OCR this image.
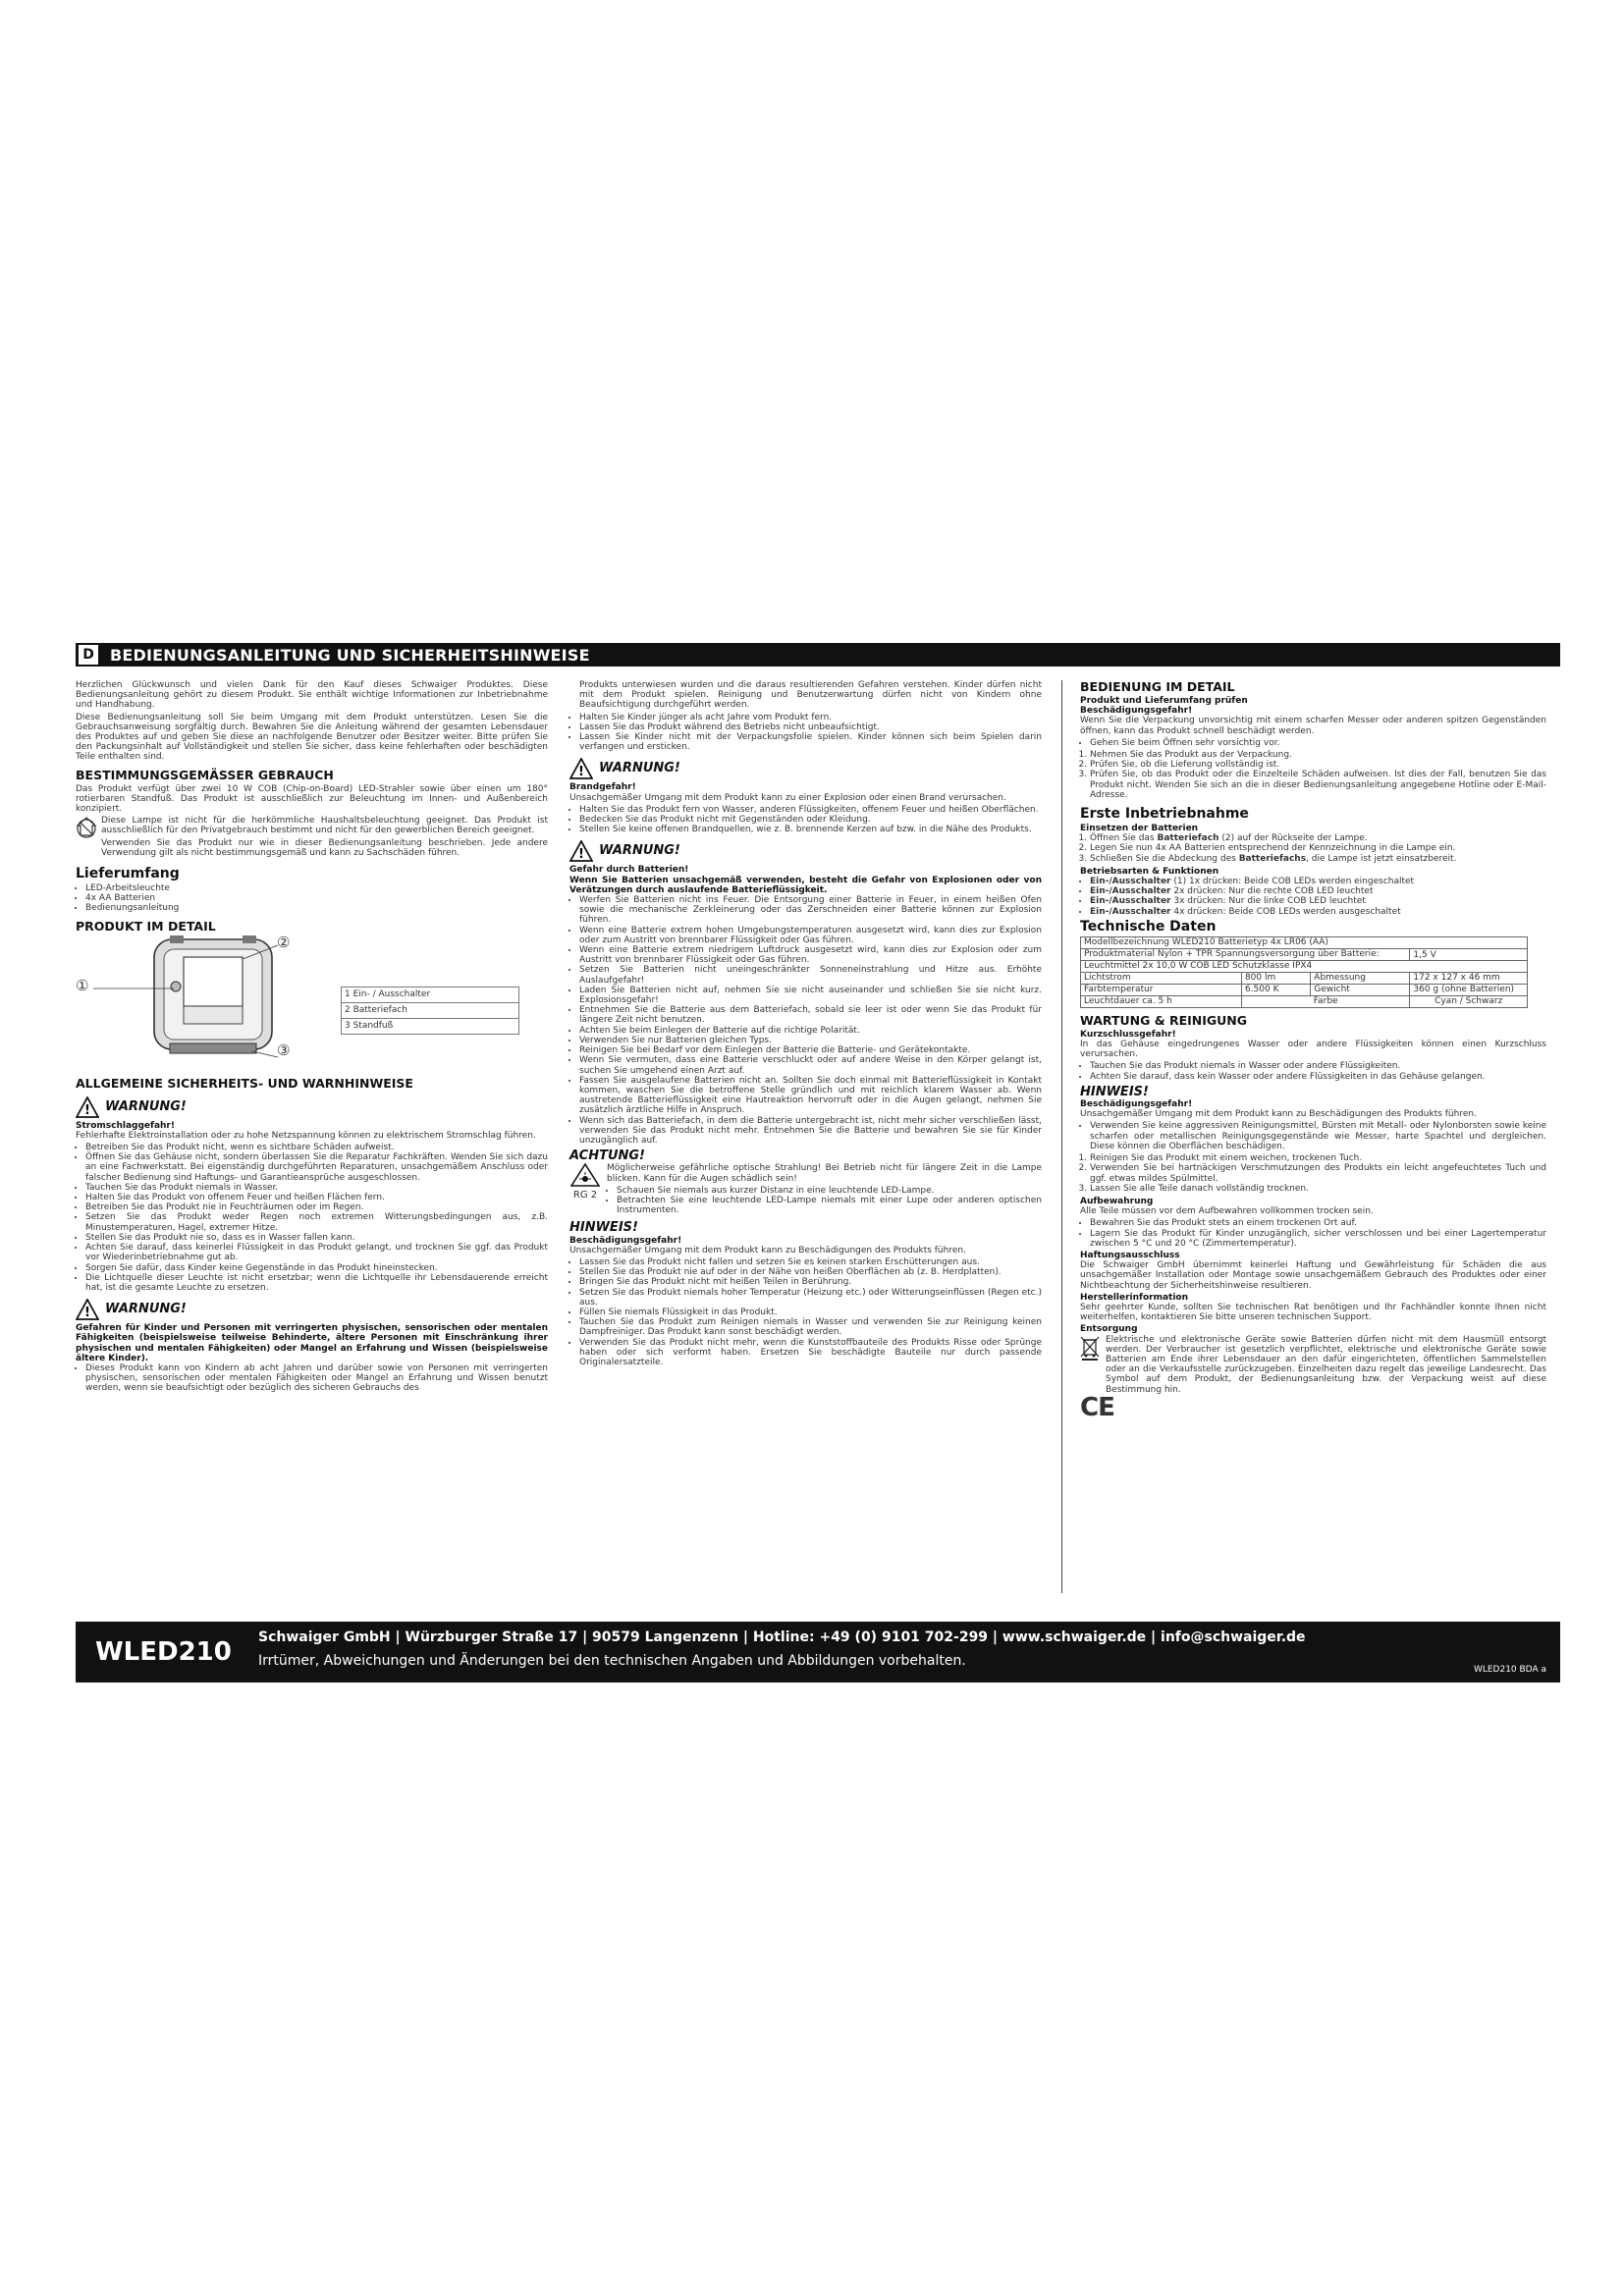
D BEDIENUNGSANLEITUNG UND SICHERHEITSHINWEISE

Herzlichen Glückwunsch und vielen Dank für den Kauf dieses Schwaiger Produktes. Diese Bedienungsanleitung gehört zu diesem Produkt. Sie enthält wichtige Informationen zur Inbetriebnahme und Handhabung.

Diese Bedienungsanleitung soll Sie beim Umgang mit dem Produkt unterstützen. Lesen Sie die Gebrauchsanweisung sorgfältig durch. Bewahren Sie die Anleitung während der gesamten Lebensdauer des Produktes auf und geben Sie diese an nachfolgende Benutzer oder Besitzer weiter. Bitte prüfen Sie den Packungsinhalt auf Vollständigkeit und stellen Sie sicher, dass keine fehlerhaften oder beschädigten Teile enthalten sind.

BESTIMMUNGSGEMÄSSER GEBRAUCH

Das Produkt verfügt über zwei 10 W COB (Chip-on-Board) LED-Strahler sowie über einen um 180° rotierbaren Standfuß. Das Produkt ist ausschließlich zur Beleuchtung im Innen- und Außenbereich konzipiert.

Diese Lampe ist nicht für die herkömmliche Haushaltsbeleuchtung geeignet. Das Produkt ist ausschließlich für den Privatgebrauch bestimmt und nicht für den gewerblichen Bereich geeignet.

Verwenden Sie das Produkt nur wie in dieser Bedienungsanleitung beschrieben. Jede andere Verwendung gilt als nicht bestimmungsgemäß und kann zu Sachschäden führen.

Lieferumfang
• LED-Arbeitsleuchte
• 4x AA Batterien
• Bedienungsanleitung
PRODUKT IM DETAIL
①
②
③
1 Ein- / Ausschalter
2 Batteriefach
3 Standfuß
ALLGEMEINE SICHERHEITS- UND WARNHINWEISE
! WARNUNG!
Stromschlaggefahr!

Fehlerhafte Elektroinstallation oder zu hohe Netzspannung können zu elektrischem Stromschlag führen.

• Betreiben Sie das Produkt nicht, wenn es sichtbare Schäden aufweist.
• Öffnen Sie das Gehäuse nicht, sondern überlassen Sie die Reparatur Fachkräften. Wenden Sie sich dazu an eine Fachwerkstatt. Bei eigenständig durchgeführten Reparaturen, unsachgemäßem Anschluss oder falscher Bedienung sind Haftungs- und Garantieansprüche ausgeschlossen.
• Tauchen Sie das Produkt niemals in Wasser.
• Halten Sie das Produkt von offenem Feuer und heißen Flächen fern.
• Betreiben Sie das Produkt nie in Feuchträumen oder im Regen.
• Setzen Sie das Produkt weder Regen noch extremen Witterungsbedingungen aus, z.B. Minustemperaturen, Hagel, extremer Hitze.
• Stellen Sie das Produkt nie so, dass es in Wasser fallen kann.
• Achten Sie darauf, dass keinerlei Flüssigkeit in das Produkt gelangt, und trocknen Sie ggf. das Produkt vor Wiederinbetriebnahme gut ab.
• Sorgen Sie dafür, dass Kinder keine Gegenstände in das Produkt hineinstecken.
• Die Lichtquelle dieser Leuchte ist nicht ersetzbar; wenn die Lichtquelle ihr Lebensdauerende erreicht hat, ist die gesamte Leuchte zu ersetzen.
! WARNUNG!

Gefahren für Kinder und Personen mit verringerten physischen, sensorischen oder mentalen Fähigkeiten (beispielsweise teilweise Behinderte, ältere Personen mit Einschränkung ihrer physischen und mentalen Fähigkeiten) oder Mangel an Erfahrung und Wissen (beispielsweise ältere Kinder).

• Dieses Produkt kann von Kindern ab acht Jahren und darüber sowie von Personen mit verringerten physischen, sensorischen oder mentalen Fähigkeiten oder Mangel an Erfahrung und Wissen benutzt werden, wenn sie beaufsichtigt oder bezüglich des sicheren Gebrauchs des

Produkts unterwiesen wurden und die daraus resultierenden Gefahren verstehen. Kinder dürfen nicht mit dem Produkt spielen. Reinigung und Benutzerwartung dürfen nicht von Kindern ohne Beaufsichtigung durchgeführt werden.

• Halten Sie Kinder jünger als acht Jahre vom Produkt fern.
• Lassen Sie das Produkt während des Betriebs nicht unbeaufsichtigt.
• Lassen Sie Kinder nicht mit der Verpackungsfolie spielen. Kinder können sich beim Spielen darin verfangen und ersticken.
! WARNUNG!
Brandgefahr!

Unsachgemäßer Umgang mit dem Produkt kann zu einer Explosion oder einen Brand verursachen.

• Halten Sie das Produkt fern von Wasser, anderen Flüssigkeiten, offenem Feuer und heißen Oberflächen.
• Bedecken Sie das Produkt nicht mit Gegenständen oder Kleidung.
• Stellen Sie keine offenen Brandquellen, wie z. B. brennende Kerzen auf bzw. in die Nähe des Produkts.
! WARNUNG!
Gefahr durch Batterien!

Wenn Sie Batterien unsachgemäß verwenden, besteht die Gefahr von Explosionen oder von Verätzungen durch auslaufende Batterieflüssigkeit.

• Werfen Sie Batterien nicht ins Feuer. Die Entsorgung einer Batterie in Feuer, in einem heißen Ofen sowie die mechanische Zerkleinerung oder das Zerschneiden einer Batterie können zur Explosion führen.
• Wenn eine Batterie extrem hohen Umgebungstemperaturen ausgesetzt wird, kann dies zur Explosion oder zum Austritt von brennbarer Flüssigkeit oder Gas führen.
• Wenn eine Batterie extrem niedrigem Luftdruck ausgesetzt wird, kann dies zur Explosion oder zum Austritt von brennbarer Flüssigkeit oder Gas führen.
• Setzen Sie Batterien nicht uneingeschränkter Sonneneinstrahlung und Hitze aus. Erhöhte Auslaufgefahr!
• Laden Sie Batterien nicht auf, nehmen Sie sie nicht auseinander und schließen Sie sie nicht kurz. Explosionsgefahr!
• Entnehmen Sie die Batterie aus dem Batteriefach, sobald sie leer ist oder wenn Sie das Produkt für längere Zeit nicht benutzen.
• Achten Sie beim Einlegen der Batterie auf die richtige Polarität.
• Verwenden Sie nur Batterien gleichen Typs.
• Reinigen Sie bei Bedarf vor dem Einlegen der Batterie die Batterie- und Gerätekontakte.
• Wenn Sie vermuten, dass eine Batterie verschluckt oder auf andere Weise in den Körper gelangt ist, suchen Sie umgehend einen Arzt auf.
• Fassen Sie ausgelaufene Batterien nicht an. Sollten Sie doch einmal mit Batterieflüssigkeit in Kontakt kommen, waschen Sie die betroffene Stelle gründlich und mit reichlich klarem Wasser ab. Wenn austretende Batterieflüssigkeit eine Hautreaktion hervorruft oder in die Augen gelangt, nehmen Sie zusätzlich ärztliche Hilfe in Anspruch.
• Wenn sich das Batteriefach, in dem die Batterie untergebracht ist, nicht mehr sicher verschließen lässt, verwenden Sie das Produkt nicht mehr. Entnehmen Sie die Batterie und bewahren Sie sie für Kinder unzugänglich auf.
ACHTUNG!
RG 2

Möglicherweise gefährliche optische Strahlung! Bei Betrieb nicht für längere Zeit in die Lampe blicken. Kann für die Augen schädlich sein!

• Schauen Sie niemals aus kurzer Distanz in eine leuchtende LED-Lampe.
• Betrachten Sie eine leuchtende LED-Lampe niemals mit einer Lupe oder anderen optischen Instrumenten.
HINWEIS!
Beschädigungsgefahr!

Unsachgemäßer Umgang mit dem Produkt kann zu Beschädigungen des Produkts führen.

• Lassen Sie das Produkt nicht fallen und setzen Sie es keinen starken Erschütterungen aus.
• Stellen Sie das Produkt nie auf oder in der Nähe von heißen Oberflächen ab (z. B. Herdplatten).
• Bringen Sie das Produkt nicht mit heißen Teilen in Berührung.
• Setzen Sie das Produkt niemals hoher Temperatur (Heizung etc.) oder Witterungseinflüssen (Regen etc.) aus.
• Füllen Sie niemals Flüssigkeit in das Produkt.
• Tauchen Sie das Produkt zum Reinigen niemals in Wasser und verwenden Sie zur Reinigung keinen Dampfreiniger. Das Produkt kann sonst beschädigt werden.
• Verwenden Sie das Produkt nicht mehr, wenn die Kunststoffbauteile des Produkts Risse oder Sprünge haben oder sich verformt haben. Ersetzen Sie beschädigte Bauteile nur durch passende Originalersatzteile.
BEDIENUNG IM DETAIL
Produkt und Lieferumfang prüfen
Beschädigungsgefahr!

Wenn Sie die Verpackung unvorsichtig mit einem scharfen Messer oder anderen spitzen Gegenständen öffnen, kann das Produkt schnell beschädigt werden.

• Gehen Sie beim Öffnen sehr vorsichtig vor.
1. Nehmen Sie das Produkt aus der Verpackung.
2. Prüfen Sie, ob die Lieferung vollständig ist.
3. Prüfen Sie, ob das Produkt oder die Einzelteile Schäden aufweisen. Ist dies der Fall, benutzen Sie das Produkt nicht. Wenden Sie sich an die in dieser Bedienungsanleitung angegebene Hotline oder E-Mail-Adresse.
Erste Inbetriebnahme
Einsetzen der Batterien
1. Öffnen Sie das Batteriefach (2) auf der Rückseite der Lampe.
2. Legen Sie nun 4x AA Batterien entsprechend der Kennzeichnung in die Lampe ein.
3. Schließen Sie die Abdeckung des Batteriefachs, die Lampe ist jetzt einsatzbereit.
Betriebsarten & Funktionen
• Ein-/Ausschalter (1) 1x drücken: Beide COB LEDs werden eingeschaltet
• Ein-/Ausschalter 2x drücken: Nur die rechte COB LED leuchtet
• Ein-/Ausschalter 3x drücken: Nur die linke COB LED leuchtet
• Ein-/Ausschalter 4x drücken: Beide COB LEDs werden ausgeschaltet
Technische Daten
Modellbezeichnung WLED210 Batterietyp 4x LR06 (AA)			
Produktmaterial Nylon + TPR Spannungsversorgung über Batterie:			1,5 V
Leuchtmittel 2x 10,0 W COB LED Schutzklasse IPX4			
Lichtstrom	800 lm	Abmessung	172 x 127 x 46 mm
Farbtemperatur	6.500 K	Gewicht	360 g (ohne Batterien)
Leuchtdauer ca. 5 h	Farbe		Cyan / Schwarz
WARTUNG & REINIGUNG
Kurzschlussgefahr!

In das Gehäuse eingedrungenes Wasser oder andere Flüssigkeiten können einen Kurzschluss verursachen.

• Tauchen Sie das Produkt niemals in Wasser oder andere Flüssigkeiten.
• Achten Sie darauf, dass kein Wasser oder andere Flüssigkeiten in das Gehäuse gelangen.
HINWEIS!
Beschädigungsgefahr!

Unsachgemäßer Umgang mit dem Produkt kann zu Beschädigungen des Produkts führen.

• Verwenden Sie keine aggressiven Reinigungsmittel, Bürsten mit Metall- oder Nylonborsten sowie keine scharfen oder metallischen Reinigungsgegenstände wie Messer, harte Spachtel und dergleichen. Diese können die Oberflächen beschädigen.
1. Reinigen Sie das Produkt mit einem weichen, trockenen Tuch.
2. Verwenden Sie bei hartnäckigen Verschmutzungen des Produkts ein leicht angefeuchtetes Tuch und ggf. etwas mildes Spülmittel.
3. Lassen Sie alle Teile danach vollständig trocknen.
Aufbewahrung

Alle Teile müssen vor dem Aufbewahren vollkommen trocken sein.

• Bewahren Sie das Produkt stets an einem trockenen Ort auf.
• Lagern Sie das Produkt für Kinder unzugänglich, sicher verschlossen und bei einer Lagertemperatur zwischen 5 °C und 20 °C (Zimmertemperatur).
Haftungsausschluss

Die Schwaiger GmbH übernimmt keinerlei Haftung und Gewährleistung für Schäden die aus unsachgemäßer Installation oder Montage sowie unsachgemäßem Gebrauch des Produktes oder einer Nichtbeachtung der Sicherheitshinweise resultieren.

Herstellerinformation

Sehr geehrter Kunde, sollten Sie technischen Rat benötigen und Ihr Fachhändler konnte Ihnen nicht weiterhelfen, kontaktieren Sie bitte unseren technischen Support.

Entsorgung

Elektrische und elektronische Geräte sowie Batterien dürfen nicht mit dem Hausmüll entsorgt werden. Der Verbraucher ist gesetzlich verpflichtet, elektrische und elektronische Geräte sowie Batterien am Ende ihrer Lebensdauer an den dafür eingerichteten, öffentlichen Sammelstellen oder an die Verkaufsstelle zurückzugeben. Einzelheiten dazu regelt das jeweilige Landesrecht. Das Symbol auf dem Produkt, der Bedienungsanleitung bzw. der Verpackung weist auf diese Bestimmung hin.

CE
WLED210 Schwaiger GmbH | Würzburger Straße 17 | 90579 Langenzenn | Hotline: +49 (0) 9101 702-299 | www.schwaiger.de | info@schwaiger.de
Irrtümer, Abweichungen und Änderungen bei den technischen Angaben und Abbildungen vorbehalten.
WLED210 BDA a
